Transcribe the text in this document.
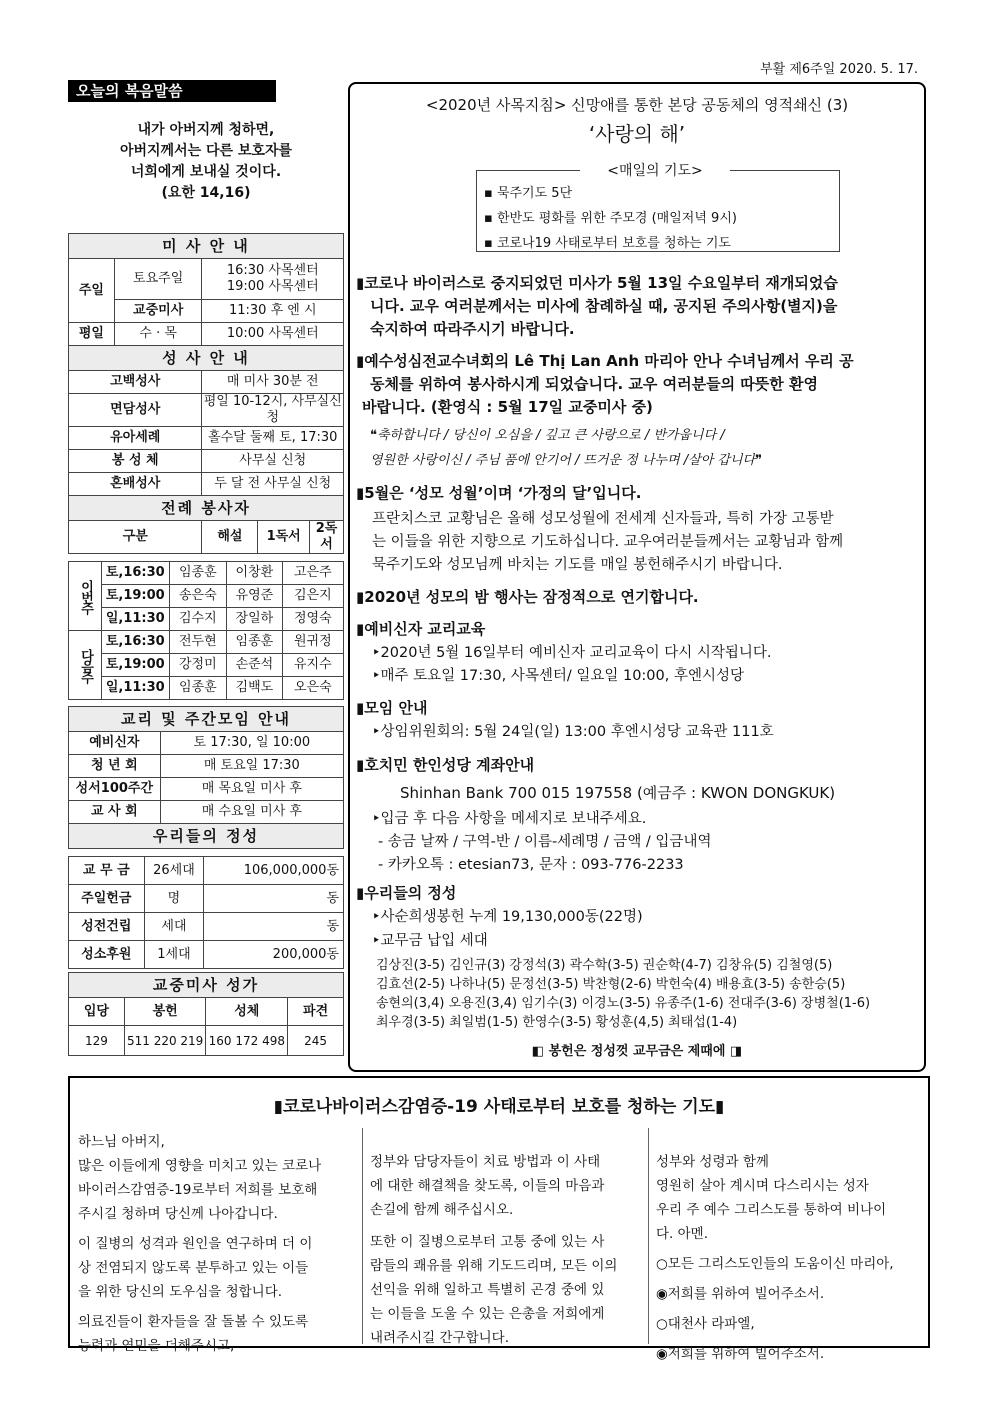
부활 제6주일 2020. 5. 17.
오늘의 복음말씀
내가 아버지께 청하면,
아버지께서는 다른 보호자를
너희에게 보내실 것이다.
(요한 14,16)
미 사 안 내				
주일	토요주일	16:30 사목센터
19:00 사목센터		

	교중미사	11:30 후 엔 시		
평일	수 · 목	10:00 사목센터		
성 사 안 내				
고백성사		매 미사 30분 전		
면담성사		평일 10-12시, 사무실신청		
유아세례		홀수달 둘째 토, 17:30		
봉 성 체		사무실 신청		
혼배성사		두 달 전 사무실 신청		
전례 봉사자				
구분		해설	1독서	2독서
이번주	토,16:30	임종훈	이창환	고은주
	토,19:00	송은숙	유영준	김은지
	일,11:30	김수지	장일하	정영숙
다음주	토,16:30	전두현	임종훈	원귀정
	토,19:00	강정미	손준석	유지수
	일,11:30	임종훈	김백도	오은숙
교리 및 주간모임 안내	
예비신자	토 17:30, 일 10:00
청 년 회	매 토요일 17:30
성서100주간	매 목요일 미사 후
교 사 회	매 수요일 미사 후
우리들의 정성	
교 무 금	26세대	106,000,000동
주일헌금	명	동
성전건립	세대	동
성소후원	1세대	200,000동
교중미사 성가			
입당	봉헌	성체	파견
129	511 220 219	160 172 498	245
<2020년 사목지침> 신망애를 통한 본당 공동체의 영적쇄신 (3)
‘사랑의 해’
<매일의 기도>
▪ 묵주기도 5단
▪ 한반도 평화를 위한 주모경 (매일저녁 9시)
▪ 코로나19 사태로부터 보호를 청하는 기도
▮코로나 바이러스로 중지되었던 미사가 5월 13일 수요일부터 재개되었습
니다. 교우 여러분께서는 미사에 참례하실 때, 공지된 주의사항(별지)을
숙지하여 따라주시기 바랍니다.
▮예수성심전교수녀회의 Lê Thị Lan Anh 마리아 안나 수녀님께서 우리 공
동체를 위하여 봉사하시게 되었습니다. 교우 여러분들의 따뜻한 환영
바랍니다. (환영식 : 5월 17일 교중미사 중)
❝축하합니다 / 당신이 오심을 / 깊고 큰 사랑으로 / 반가웁니다 /
영원한 사랑이신 / 주님 품에 안기어 / 뜨거운 정 나누며 /살아 갑니다❞
▮5월은 ‘성모 성월’이며 ‘가정의 달’입니다.
프란치스코 교황님은 올해 성모성월에 전세계 신자들과, 특히 가장 고통받
는 이들을 위한 지향으로 기도하십니다. 교우여러분들께서는 교황님과 함께
묵주기도와 성모님께 바치는 기도를 매일 봉헌해주시기 바랍니다.
▮2020년 성모의 밤 행사는 잠정적으로 연기합니다.
▮예비신자 교리교육
‣2020년 5월 16일부터 예비신자 교리교육이 다시 시작됩니다.
‣매주 토요일 17:30, 사목센터/ 일요일 10:00, 후엔시성당
▮모임 안내
‣상임위원회의: 5월 24일(일) 13:00 후엔시성당 교육관 111호
▮호치민 한인성당 계좌안내
Shinhan Bank 700 015 197558 (예금주 : KWON DONGKUK)
‣입금 후 다음 사항을 메세지로 보내주세요.
- 송금 날짜 / 구역-반 / 이름-세례명 / 금액 / 입금내역
- 카카오톡 : etesian73, 문자 : 093-776-2233
▮우리들의 정성
‣사순희생봉헌 누계 19,130,000동(22명)
‣교무금 납입 세대
김상진(3-5) 김인규(3) 강정석(3) 곽수학(3-5) 권순학(4-7) 김창유(5) 김철영(5)
김효선(2-5) 나하나(5) 문정선(3-5) 박찬형(2-6) 박헌숙(4) 배용효(3-5) 송한승(5)
송현의(3,4) 오용진(3,4) 임기수(3) 이경노(3-5) 유종주(1-6) 전대주(3-6) 장병철(1-6)
최우경(3-5) 최일범(1-5) 한영수(3-5) 황성훈(4,5) 최태섭(1-4)
◧ 봉헌은 정성껏 교무금은 제때에 ◨
▮코로나바이러스감염증-19 사태로부터 보호를 청하는 기도▮
하느님 아버지,
많은 이들에게 영향을 미치고 있는 코로나
바이러스감염증-19로부터 저희를 보호해
주시길 청하며 당신께 나아갑니다.
이 질병의 성격과 원인을 연구하며 더 이
상 전염되지 않도록 분투하고 있는 이들
을 위한 당신의 도우심을 청합니다.
의료진들이 환자들을 잘 돌볼 수 있도록
능력과 연민을 더해주시고,
정부와 담당자들이 치료 방법과 이 사태
에 대한 해결책을 찾도록, 이들의 마음과
손길에 함께 해주십시오.
또한 이 질병으로부터 고통 중에 있는 사
람들의 쾌유를 위해 기도드리며, 모든 이의
선익을 위해 일하고 특별히 곤경 중에 있
는 이들을 도울 수 있는 은총을 저희에게
내려주시길 간구합니다.
성부와 성령과 함께
영원히 살아 계시며 다스리시는 성자
우리 주 예수 그리스도를 통하여 비나이
다. 아멘.
○모든 그리스도인들의 도움이신 마리아,
◉저희를 위하여 빌어주소서.
○대천사 라파엘,
◉저희를 위하여 빌어주소서.
